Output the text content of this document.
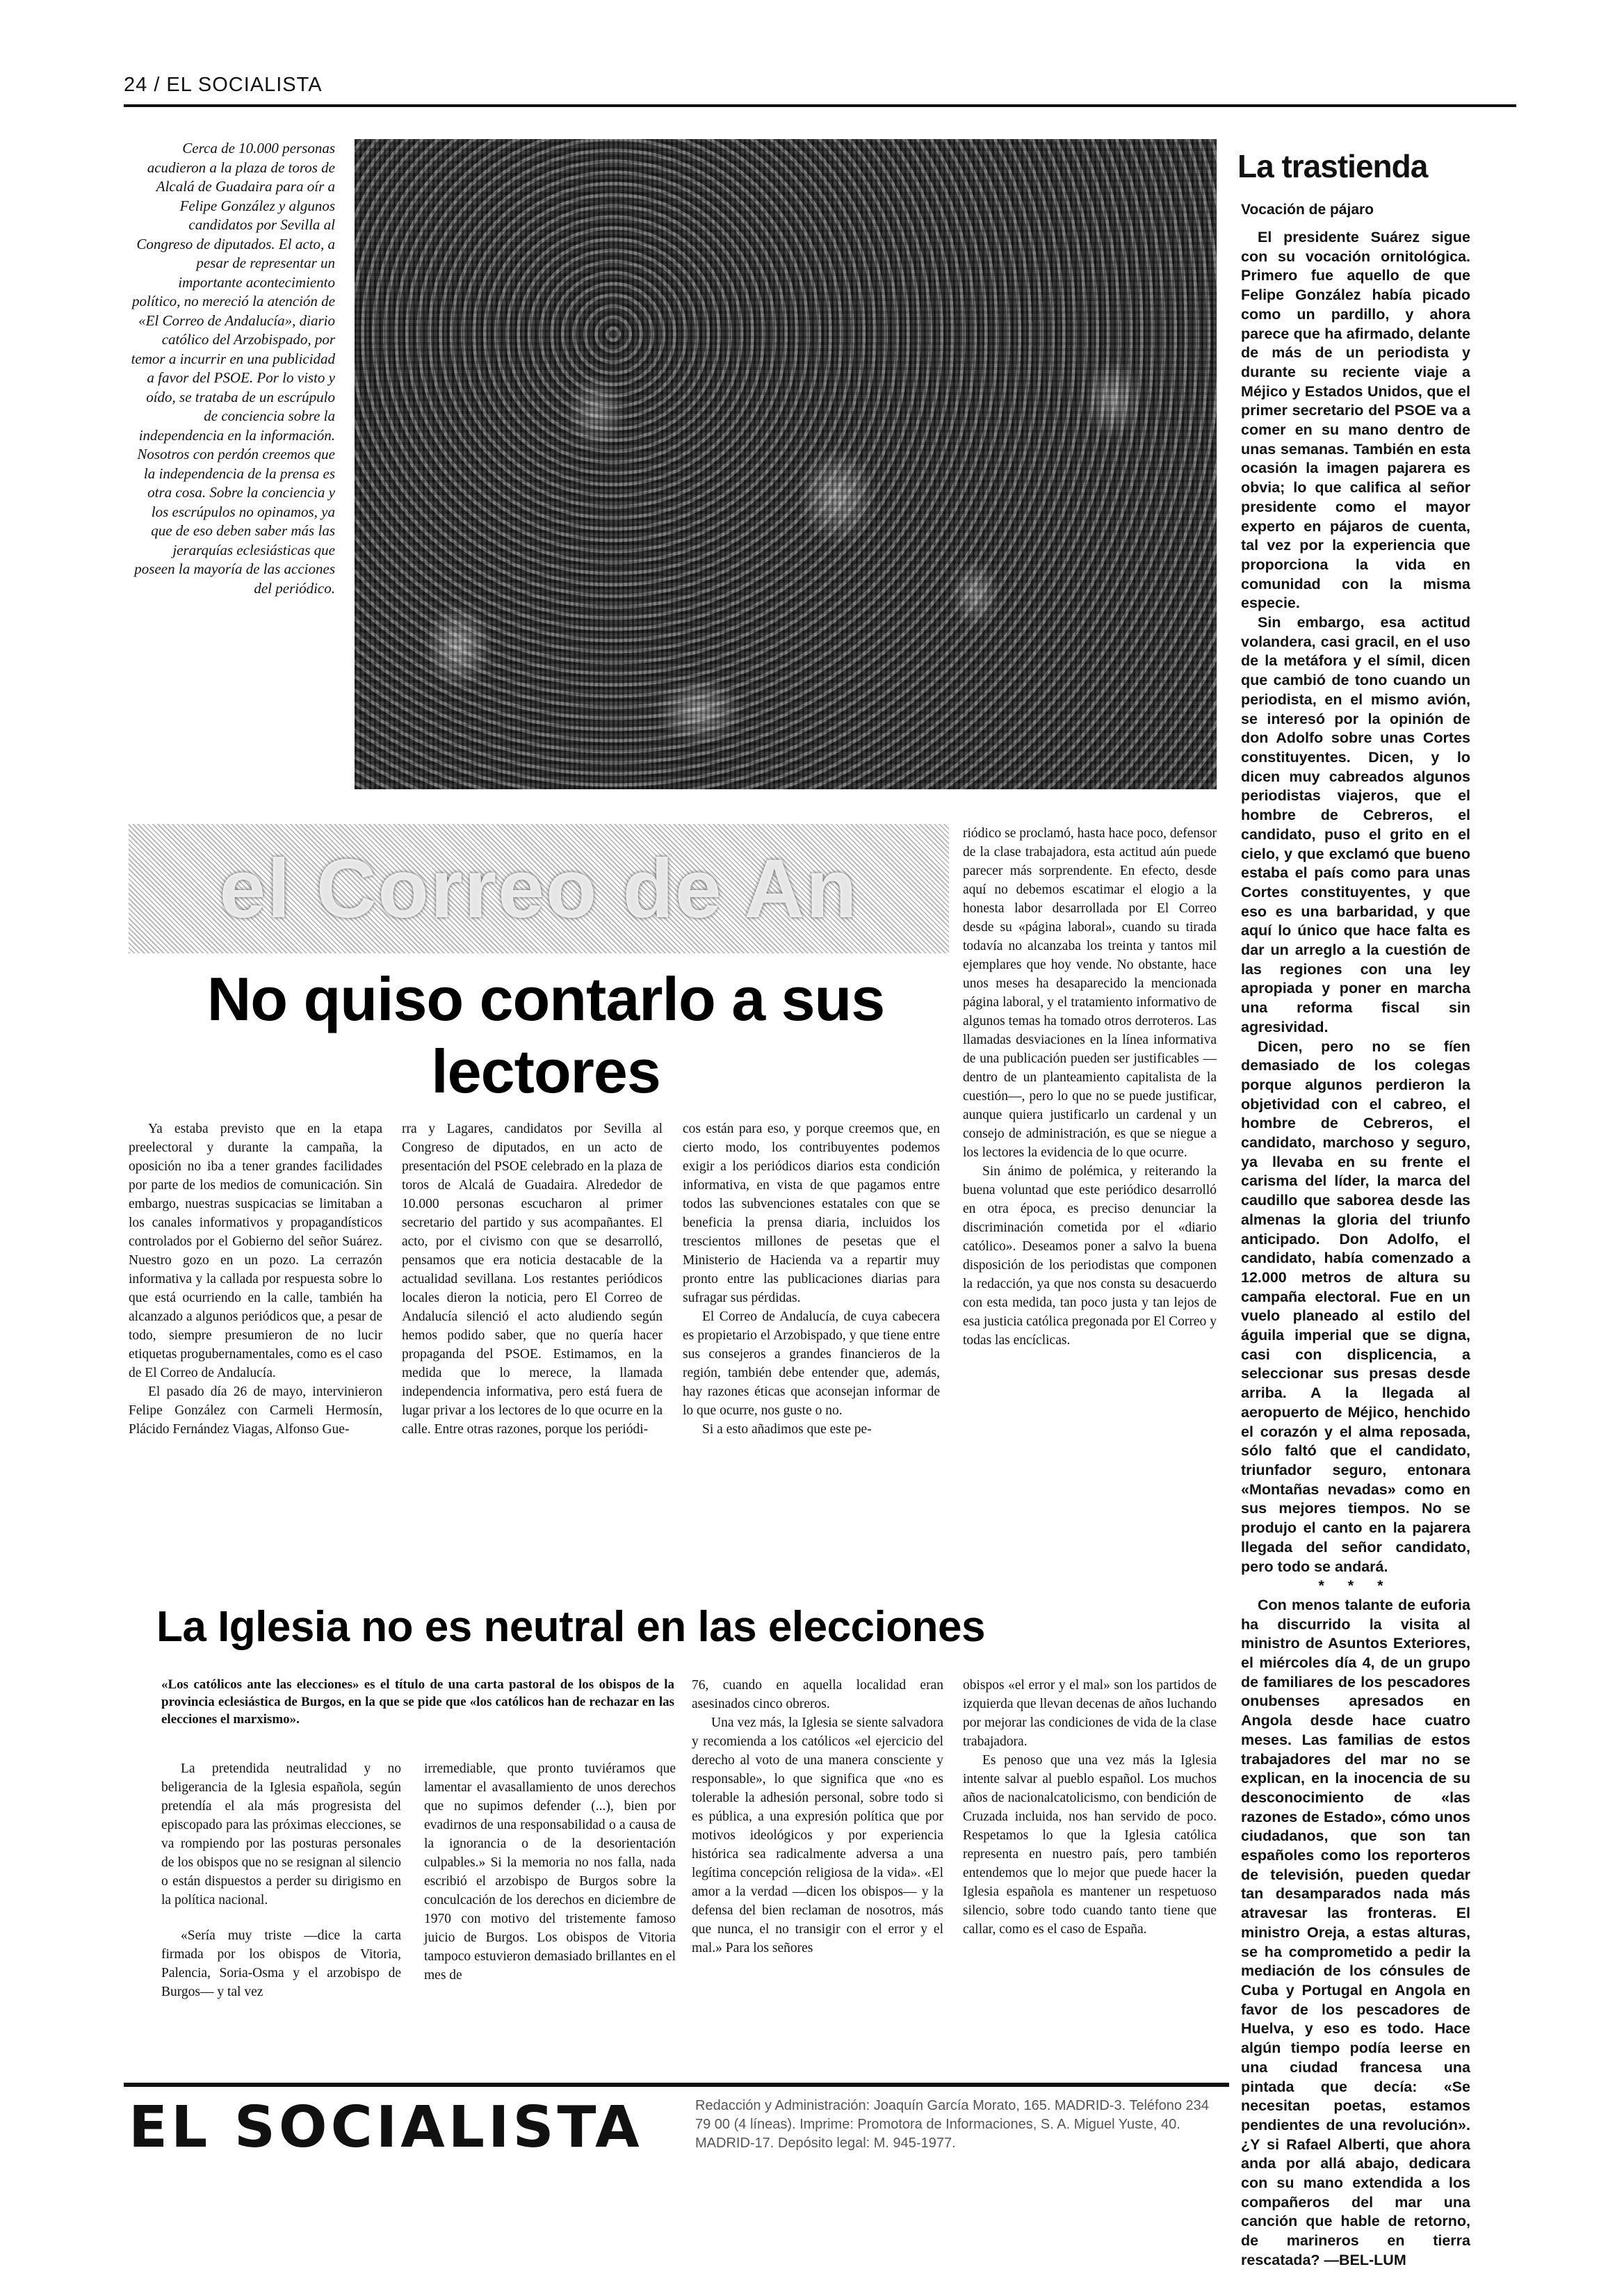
24 / EL SOCIALISTA
Cerca de 10.000 personas acudieron a la plaza de toros de Alcalá de Guadaira para oír a Felipe González y algunos candidatos por Sevilla al Congreso de diputados. El acto, a pesar de representar un importante acontecimiento político, no mereció la atención de «El Correo de Andalucía», diario católico del Arzobispado, por temor a incurrir en una publicidad a favor del PSOE. Por lo visto y oído, se trataba de un escrúpulo de conciencia sobre la independencia en la información. Nosotros con perdón creemos que la independencia de la prensa es otra cosa. Sobre la conciencia y los escrúpulos no opinamos, ya que de eso deben saber más las jerarquías eclesiásticas que poseen la mayoría de las acciones del periódico.
el Correo de An
No quiso contarlo a sus lectores

Ya estaba previsto que en la etapa preelectoral y durante la campaña, la oposición no iba a tener grandes facilidades por parte de los medios de comunicación. Sin embargo, nuestras suspicacias se limitaban a los canales informativos y propagandísticos controlados por el Gobierno del señor Suárez. Nuestro gozo en un pozo. La cerrazón informativa y la callada por respuesta sobre lo que está ocurriendo en la calle, también ha alcanzado a algunos periódicos que, a pesar de todo, siempre presumieron de no lucir etiquetas progubernamentales, como es el caso de El Correo de Andalucía.

El pasado día 26 de mayo, intervinieron Felipe González con Carmeli Hermosín, Plácido Fernández Viagas, Alfonso Gue-

rra y Lagares, candidatos por Sevilla al Congreso de diputados, en un acto de presentación del PSOE celebrado en la plaza de toros de Alcalá de Guadaira. Alrededor de 10.000 personas escucharon al primer secretario del partido y sus acompañantes. El acto, por el civismo con que se desarrolló, pensamos que era noticia destacable de la actualidad sevillana. Los restantes periódicos locales dieron la noticia, pero El Correo de Andalucía silenció el acto aludiendo según hemos podido saber, que no quería hacer propaganda del PSOE. Estimamos, en la medida que lo merece, la llamada independencia informativa, pero está fuera de lugar privar a los lectores de lo que ocurre en la calle. Entre otras razones, porque los periódi-

cos están para eso, y porque creemos que, en cierto modo, los contribuyentes podemos exigir a los periódicos diarios esta condición informativa, en vista de que pagamos entre todos las subvenciones estatales con que se beneficia la prensa diaria, incluidos los trescientos millones de pesetas que el Ministerio de Hacienda va a repartir muy pronto entre las publicaciones diarias para sufragar sus pérdidas.

El Correo de Andalucía, de cuya cabecera es propietario el Arzobispado, y que tiene entre sus consejeros a grandes financieros de la región, también debe entender que, además, hay razones éticas que aconsejan informar de lo que ocurre, nos guste o no.

Si a esto añadimos que este pe-

riódico se proclamó, hasta hace poco, defensor de la clase trabajadora, esta actitud aún puede parecer más sorprendente. En efecto, desde aquí no debemos escatimar el elogio a la honesta labor desarrollada por El Correo desde su «página laboral», cuando su tirada todavía no alcanzaba los treinta y tantos mil ejemplares que hoy vende. No obstante, hace unos meses ha desaparecido la mencionada página laboral, y el tratamiento informativo de algunos temas ha tomado otros derroteros. Las llamadas desviaciones en la línea informativa de una publicación pueden ser justificables —dentro de un planteamiento capitalista de la cuestión—, pero lo que no se puede justificar, aunque quiera justificarlo un cardenal y un consejo de administración, es que se niegue a los lectores la evidencia de lo que ocurre.

Sin ánimo de polémica, y reiterando la buena voluntad que este periódico desarrolló en otra época, es preciso denunciar la discriminación cometida por el «diario católico». Deseamos poner a salvo la buena disposición de los periodistas que componen la redacción, ya que nos consta su desacuerdo con esta medida, tan poco justa y tan lejos de esa justicia católica pregonada por El Correo y todas las encíclicas.

La Iglesia no es neutral en las elecciones
«Los católicos ante las elecciones» es el título de una carta pastoral de los obispos de la provincia eclesiástica de Burgos, en la que se pide que «los católicos han de rechazar en las elecciones el marxismo».

La pretendida neutralidad y no beligerancia de la Iglesia española, según pretendía el ala más progresista del episcopado para las próximas elecciones, se va rompiendo por las posturas personales de los obispos que no se resignan al silencio o están dispuestos a perder su dirigismo en la política nacional.

«Sería muy triste —dice la carta firmada por los obispos de Vitoria, Palencia, Soria-Osma y el arzobispo de Burgos— y tal vez

irremediable, que pronto tuviéramos que lamentar el avasallamiento de unos derechos que no supimos defender (...), bien por evadirnos de una responsabilidad o a causa de la ignorancia o de la desorientación culpables.» Si la memoria no nos falla, nada escribió el arzobispo de Burgos sobre la conculcación de los derechos en diciembre de 1970 con motivo del tristemente famoso juicio de Burgos. Los obispos de Vitoria tampoco estuvieron demasiado brillantes en el mes de

76, cuando en aquella localidad eran asesinados cinco obreros.

Una vez más, la Iglesia se siente salvadora y recomienda a los católicos «el ejercicio del derecho al voto de una manera consciente y responsable», lo que significa que «no es tolerable la adhesión personal, sobre todo si es pública, a una expresión política que por motivos ideológicos y por experiencia histórica sea radicalmente adversa a una legítima concepción religiosa de la vida». «El amor a la verdad —dicen los obispos— y la defensa del bien reclaman de nosotros, más que nunca, el no transigir con el error y el mal.» Para los señores

obispos «el error y el mal» son los partidos de izquierda que llevan decenas de años luchando por mejorar las condiciones de vida de la clase trabajadora.

Es penoso que una vez más la Iglesia intente salvar al pueblo español. Los muchos años de nacionalcatolicismo, con bendición de Cruzada incluida, nos han servido de poco. Respetamos lo que la Iglesia católica representa en nuestro país, pero también entendemos que lo mejor que puede hacer la Iglesia española es mantener un respetuoso silencio, sobre todo cuando tanto tiene que callar, como es el caso de España.

La trastienda
Vocación de pájaro

El presidente Suárez sigue con su vocación ornitológica. Primero fue aquello de que Felipe González había picado como un pardillo, y ahora parece que ha afirmado, delante de más de un periodista y durante su reciente viaje a Méjico y Estados Unidos, que el primer secretario del PSOE va a comer en su mano dentro de unas semanas. También en esta ocasión la imagen pajarera es obvia; lo que califica al señor presidente como el mayor experto en pájaros de cuenta, tal vez por la experiencia que proporciona la vida en comunidad con la misma especie.

Sin embargo, esa actitud volandera, casi gracil, en el uso de la metáfora y el símil, dicen que cambió de tono cuando un periodista, en el mismo avión, se interesó por la opinión de don Adolfo sobre unas Cortes constituyentes. Dicen, y lo dicen muy cabreados algunos periodistas viajeros, que el hombre de Cebreros, el candidato, puso el grito en el cielo, y que exclamó que bueno estaba el país como para unas Cortes constituyentes, y que eso es una barbaridad, y que aquí lo único que hace falta es dar un arreglo a la cuestión de las regiones con una ley apropiada y poner en marcha una reforma fiscal sin agresividad.

Dicen, pero no se fíen demasiado de los colegas porque algunos perdieron la objetividad con el cabreo, el hombre de Cebreros, el candidato, marchoso y seguro, ya llevaba en su frente el carisma del líder, la marca del caudillo que saborea desde las almenas la gloria del triunfo anticipado. Don Adolfo, el candidato, había comenzado a 12.000 metros de altura su campaña electoral. Fue en un vuelo planeado al estilo del águila imperial que se digna, casi con displicencia, a seleccionar sus presas desde arriba. A la llegada al aeropuerto de Méjico, henchido el corazón y el alma reposada, sólo faltó que el candidato, triunfador seguro, entonara «Montañas nevadas» como en sus mejores tiempos. No se produjo el canto en la pajarera llegada del señor candidato, pero todo se andará.

* * *

Con menos talante de euforia ha discurrido la visita al ministro de Asuntos Exteriores, el miércoles día 4, de un grupo de familiares de los pescadores onubenses apresados en Angola desde hace cuatro meses. Las familias de estos trabajadores del mar no se explican, en la inocencia de su desconocimiento de «las razones de Estado», cómo unos ciudadanos, que son tan españoles como los reporteros de televisión, pueden quedar tan desamparados nada más atravesar las fronteras. El ministro Oreja, a estas alturas, se ha comprometido a pedir la mediación de los cónsules de Cuba y Portugal en Angola en favor de los pescadores de Huelva, y eso es todo. Hace algún tiempo podía leerse en una ciudad francesa una pintada que decía: «Se necesitan poetas, estamos pendientes de una revolución». ¿Y si Rafael Alberti, que ahora anda por allá abajo, dedicara con su mano extendida a los compañeros del mar una canción que hable de retorno, de marineros en tierra rescatada? —BEL-LUM

EL SOCIALISTA	Redacción y Administración: Joaquín García Morato, 165. MADRID-3. Teléfono 234 79 00 (4 líneas). Imprime: Promotora de Informaciones, S. A. Miguel Yuste, 40. MADRID-17. Depósito legal: M. 945-1977.
